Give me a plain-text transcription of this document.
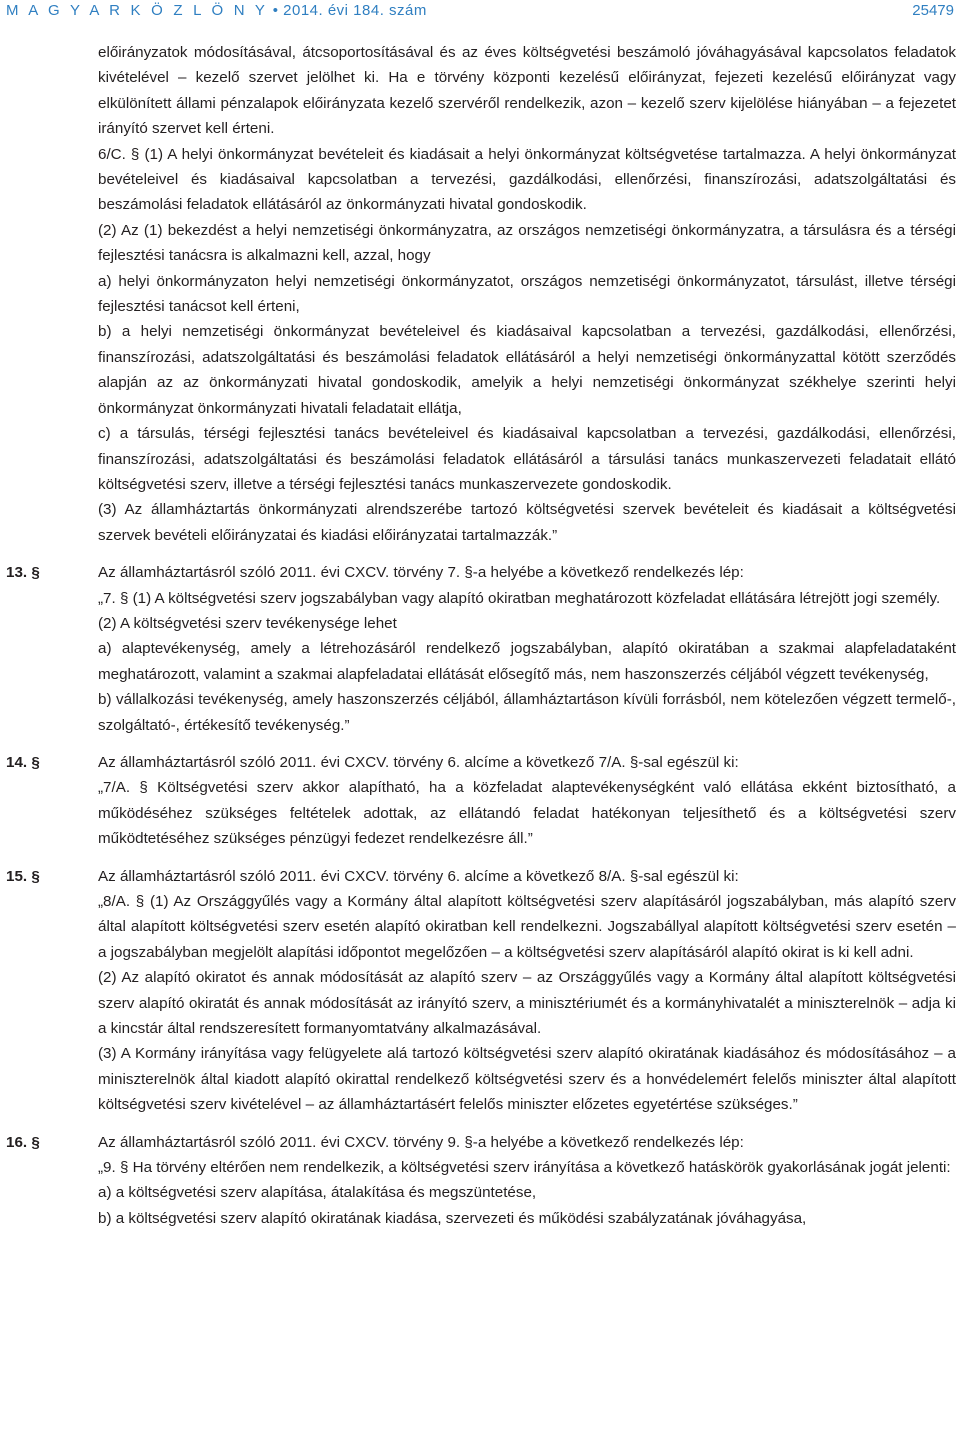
M A G Y A R K Ö Z L Ö N Y • 2014. évi 184. szám	25479

előirányzatok módosításával, átcsoportosításával és az éves költségvetési beszámoló jóváhagyásával kapcsolatos feladatok kivételével – kezelő szervet jelölhet ki. Ha e törvény központi kezelésű előirányzat, fejezeti kezelésű előirányzat vagy elkülönített állami pénzalapok előirányzata kezelő szervéről rendelkezik, azon – kezelő szerv kijelölése hiányában – a fejezetet irányító szervet kell érteni.

6/C. § (1) A helyi önkormányzat bevételeit és kiadásait a helyi önkormányzat költségvetése tartalmazza. A helyi önkormányzat bevételeivel és kiadásaival kapcsolatban a tervezési, gazdálkodási, ellenőrzési, finanszírozási, adatszolgáltatási és beszámolási feladatok ellátásáról az önkormányzati hivatal gondoskodik.

(2) Az (1) bekezdést a helyi nemzetiségi önkormányzatra, az országos nemzetiségi önkormányzatra, a társulásra és a térségi fejlesztési tanácsra is alkalmazni kell, azzal, hogy

a) helyi önkormányzaton helyi nemzetiségi önkormányzatot, országos nemzetiségi önkormányzatot, társulást, illetve térségi fejlesztési tanácsot kell érteni,

b) a helyi nemzetiségi önkormányzat bevételeivel és kiadásaival kapcsolatban a tervezési, gazdálkodási, ellenőrzési, finanszírozási, adatszolgáltatási és beszámolási feladatok ellátásáról a helyi nemzetiségi önkormányzattal kötött szerződés alapján az az önkormányzati hivatal gondoskodik, amelyik a helyi nemzetiségi önkormányzat székhelye szerinti helyi önkormányzat önkormányzati hivatali feladatait ellátja,

c) a társulás, térségi fejlesztési tanács bevételeivel és kiadásaival kapcsolatban a tervezési, gazdálkodási, ellenőrzési, finanszírozási, adatszolgáltatási és beszámolási feladatok ellátásáról a társulási tanács munkaszervezeti feladatait ellátó költségvetési szerv, illetve a térségi fejlesztési tanács munkaszervezete gondoskodik.

(3) Az államháztartás önkormányzati alrendszerébe tartozó költségvetési szervek bevételeit és kiadásait a költségvetési szervek bevételi előirányzatai és kiadási előirányzatai tartalmazzák.”

13. §	Az államháztartásról szóló 2011. évi CXCV. törvény 7. §-a helyébe a következő rendelkezés lép:

„7. § (1) A költségvetési szerv jogszabályban vagy alapító okiratban meghatározott közfeladat ellátására létrejött jogi személy.

(2) A költségvetési szerv tevékenysége lehet

a) alaptevékenység, amely a létrehozásáról rendelkező jogszabályban, alapító okiratában a szakmai alapfeladataként meghatározott, valamint a szakmai alapfeladatai ellátását elősegítő más, nem haszonszerzés céljából végzett tevékenység,

b) vállalkozási tevékenység, amely haszonszerzés céljából, államháztartáson kívüli forrásból, nem kötelezően végzett termelő-, szolgáltató-, értékesítő tevékenység.”

14. §	Az államháztartásról szóló 2011. évi CXCV. törvény 6. alcíme a következő 7/A. §-sal egészül ki:

„7/A. § Költségvetési szerv akkor alapítható, ha a közfeladat alaptevékenységként való ellátása ekként biztosítható, a működéséhez szükséges feltételek adottak, az ellátandó feladat hatékonyan teljesíthető és a költségvetési szerv működtetéséhez szükséges pénzügyi fedezet rendelkezésre áll.”

15. §	Az államháztartásról szóló 2011. évi CXCV. törvény 6. alcíme a következő 8/A. §-sal egészül ki:

„8/A. § (1) Az Országgyűlés vagy a Kormány által alapított költségvetési szerv alapításáról jogszabályban, más alapító szerv által alapított költségvetési szerv esetén alapító okiratban kell rendelkezni. Jogszabállyal alapított költségvetési szerv esetén – a jogszabályban megjelölt alapítási időpontot megelőzően – a költségvetési szerv alapításáról alapító okirat is ki kell adni.

(2) Az alapító okiratot és annak módosítását az alapító szerv – az Országgyűlés vagy a Kormány által alapított költségvetési szerv alapító okiratát és annak módosítását az irányító szerv, a minisztériumét és a kormányhivatalét a miniszterelnök – adja ki a kincstár által rendszeresített formanyomtatvány alkalmazásával.

(3) A Kormány irányítása vagy felügyelete alá tartozó költségvetési szerv alapító okiratának kiadásához és módosításához – a miniszterelnök által kiadott alapító okirattal rendelkező költségvetési szerv és a honvédelemért felelős miniszter által alapított költségvetési szerv kivételével – az államháztartásért felelős miniszter előzetes egyetértése szükséges.”

16. §	Az államháztartásról szóló 2011. évi CXCV. törvény 9. §-a helyébe a következő rendelkezés lép:

„9. § Ha törvény eltérően nem rendelkezik, a költségvetési szerv irányítása a következő hatáskörök gyakorlásának jogát jelenti:

a) a költségvetési szerv alapítása, átalakítása és megszüntetése,

b) a költségvetési szerv alapító okiratának kiadása, szervezeti és működési szabályzatának jóváhagyása,
